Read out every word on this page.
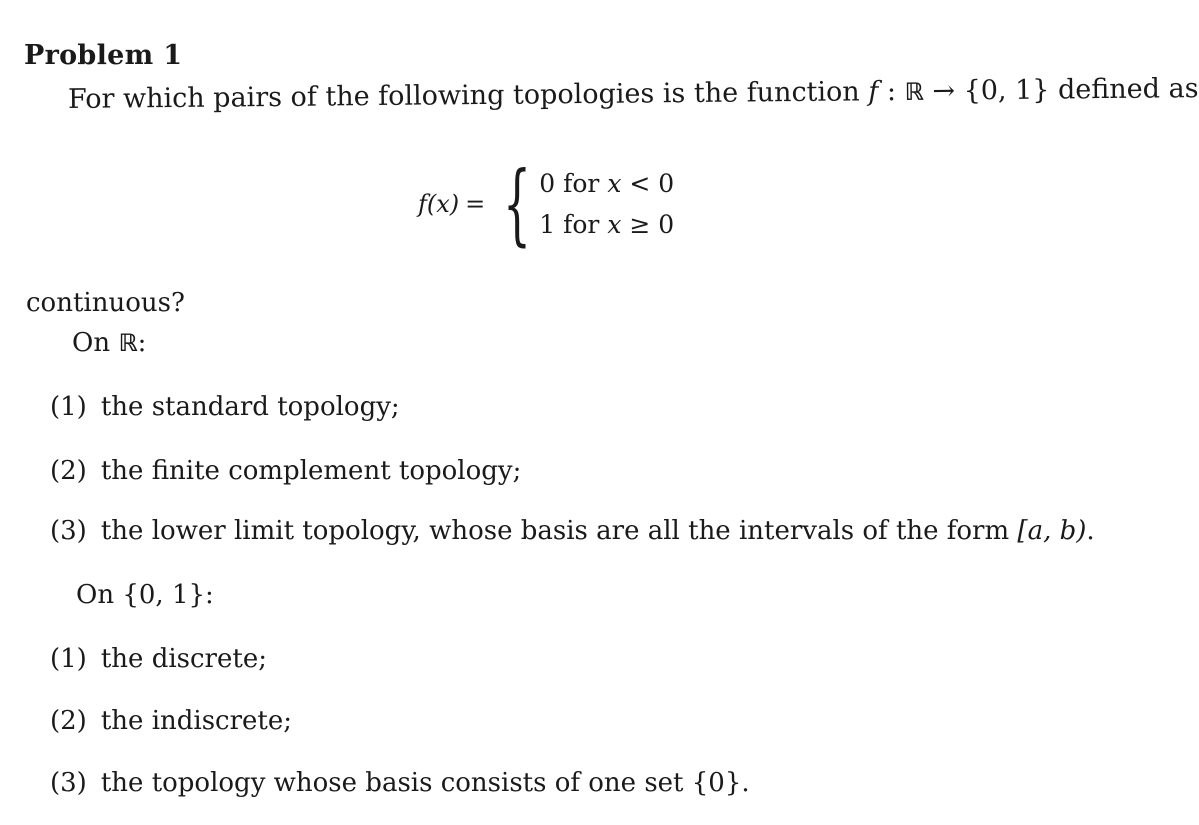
Problem 1
For which pairs of the following topologies is the function f : ℝ → {0, 1} defined as
f(x) = { 0 for x < 0
1 for x ≥ 0
continuous?
On ℝ:
(1) the standard topology;
(2) the finite complement topology;
(3) the lower limit topology, whose basis are all the intervals of the form [a, b).
On {0, 1}:
(1) the discrete;
(2) the indiscrete;
(3) the topology whose basis consists of one set {0}.
